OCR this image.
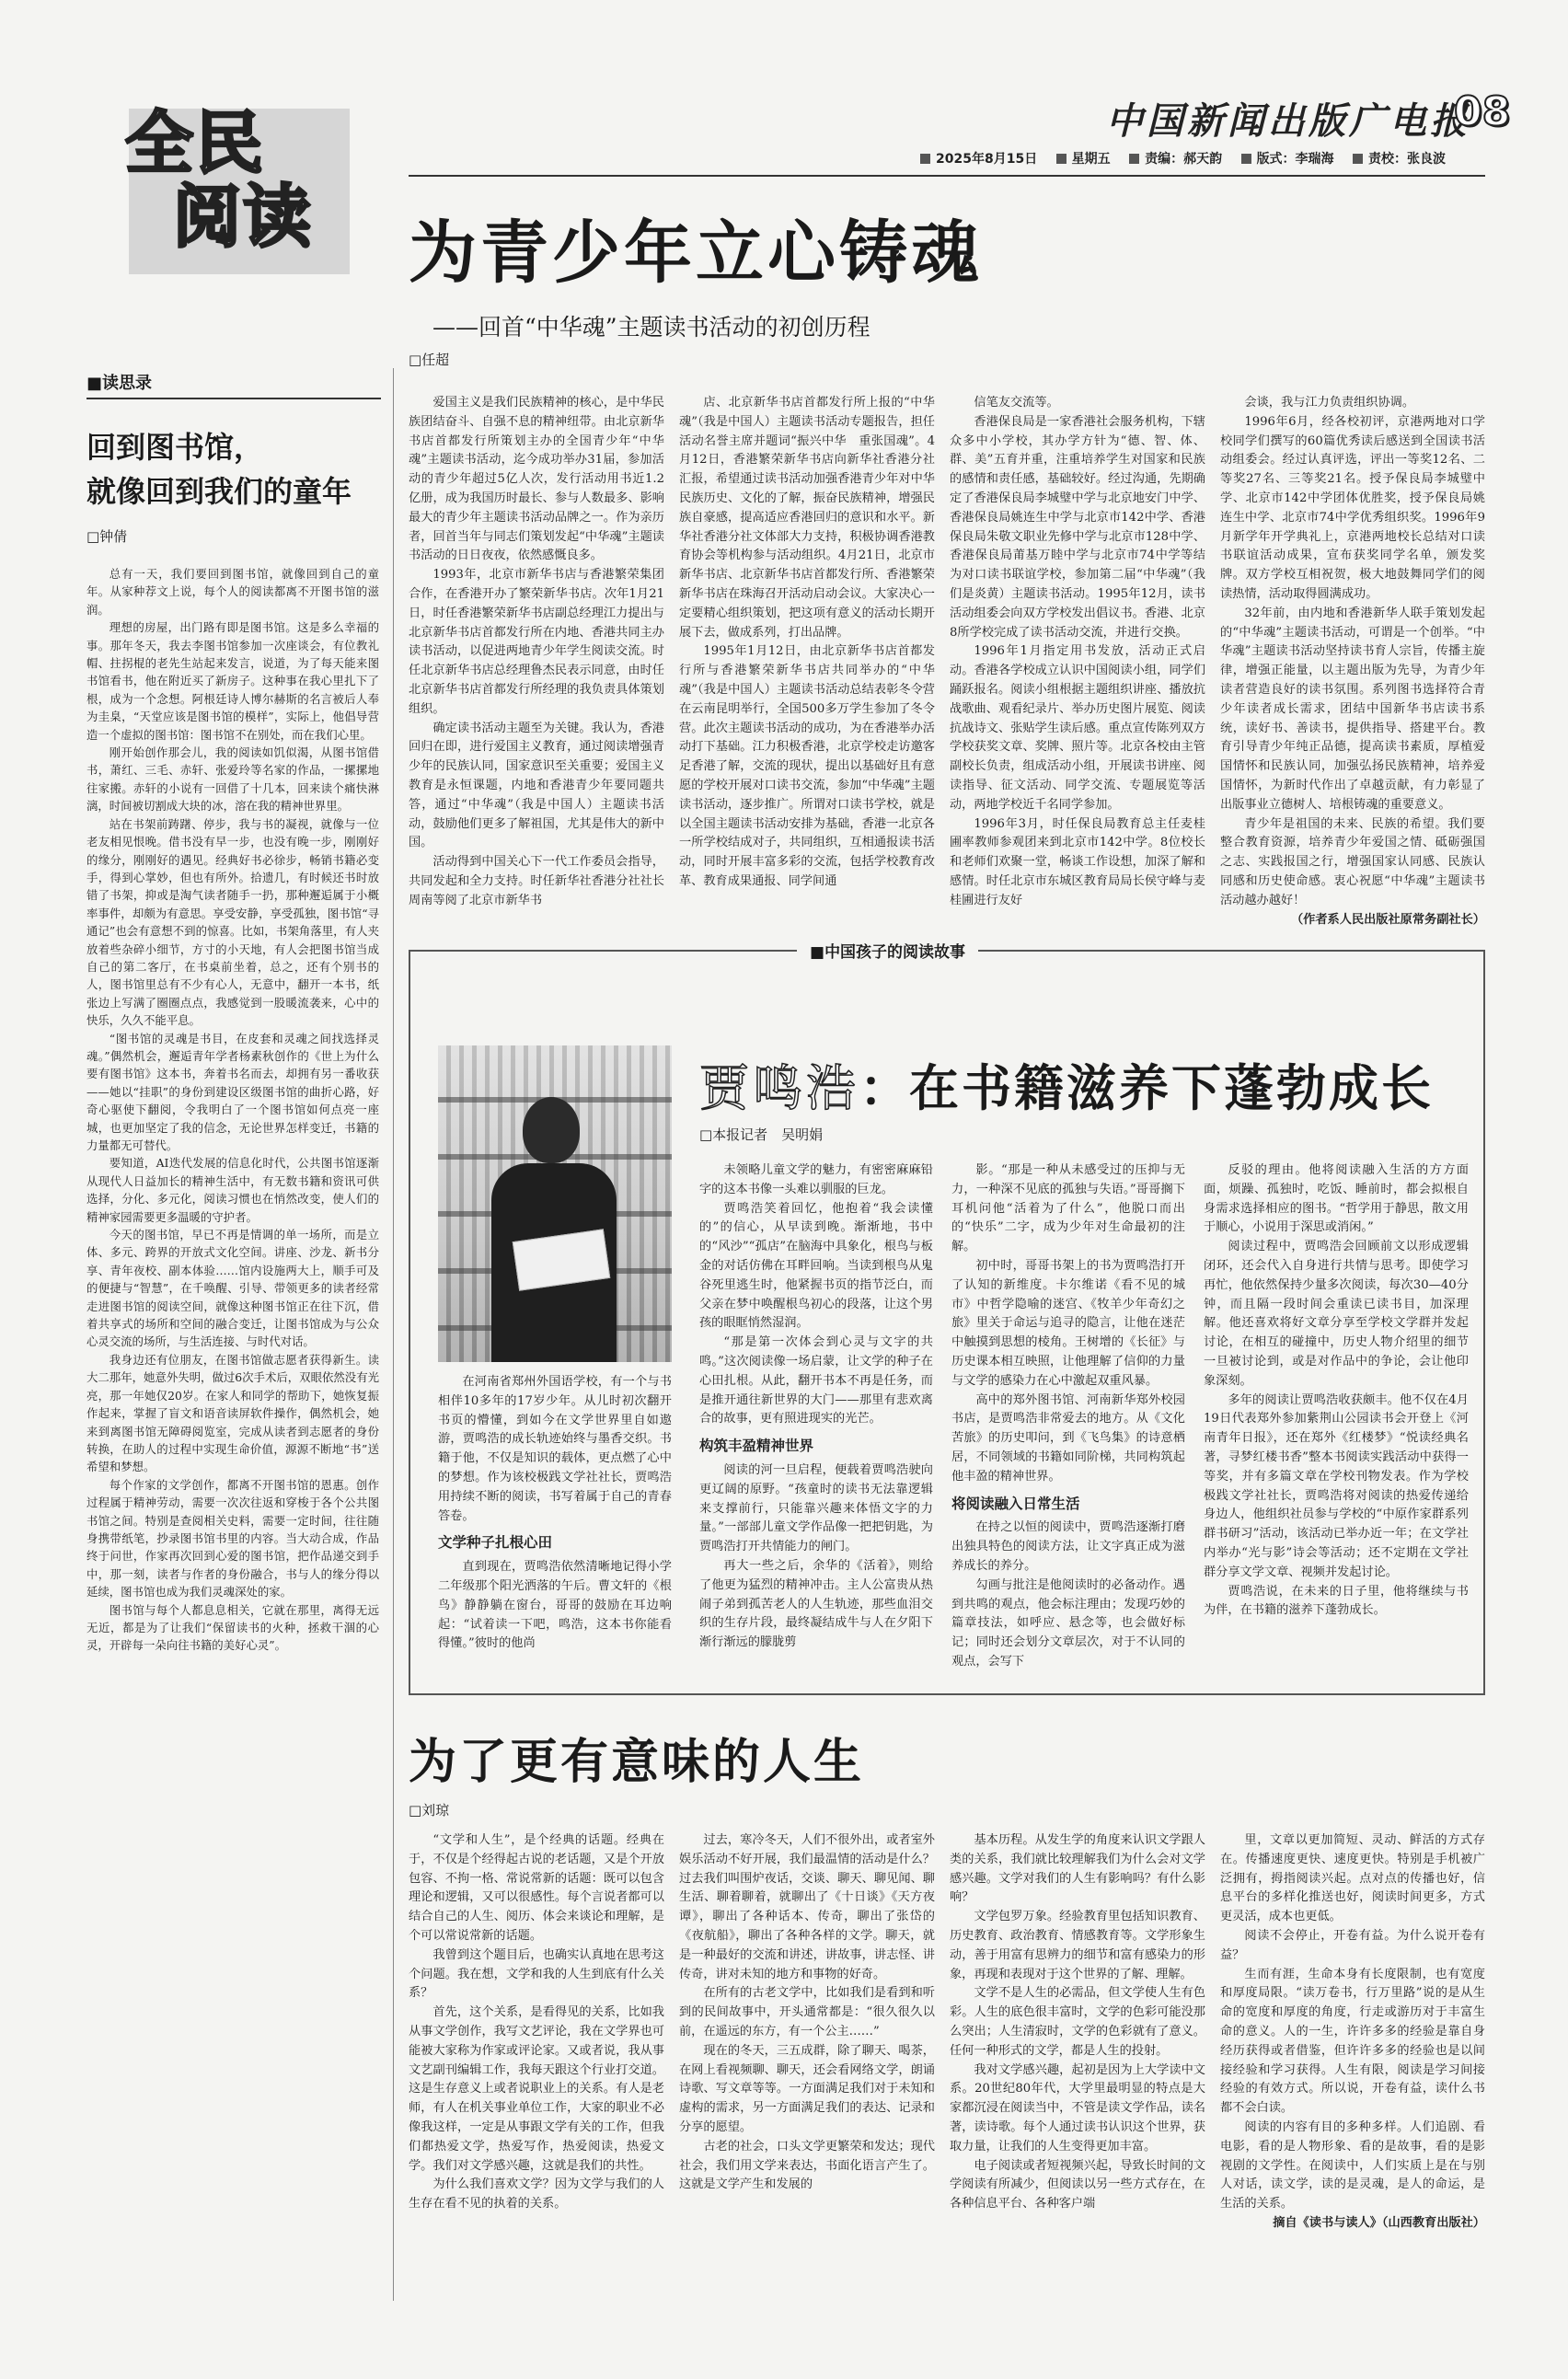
中国新闻出版广电报
08
2025年8月15日	星期五	责编：郝天韵	版式：李瑞海	责校：张良波
全民
阅读
■读思录
回到图书馆，
就像回到我们的童年
□钟倩

总有一天，我们要回到图书馆，就像回到自己的童年。从家种荐文上说，每个人的阅读都离不开图书馆的滋润。

理想的房屋，出门路有即是图书馆。这是多么幸福的事。那年冬天，我去李图书馆参加一次座谈会，有位教礼帽、拄拐棍的老先生站起来发言，说道，为了每天能来图书馆看书，他在附近买了新房子。这种事在我心里扎下了根，成为一个念想。阿根廷诗人博尔赫斯的名言被后人奉为圭臬，“天堂应该是图书馆的模样”，实际上，他倡导营造一个虚拟的图书馆：图书馆不在别处，而在我们心里。

刚开始创作那会儿，我的阅读如饥似渴，从图书馆借书，萧红、三毛、赤轩、张爱玲等名家的作品，一摞摞地往家搬。赤轩的小说有一回借了十几本，回来读个痛快淋漓，时间被切割成大块的冰，溶在我的精神世界里。

站在书架前踌躇、停步，我与书的凝视，就像与一位老友相见恨晚。借书没有早一步，也没有晚一步，刚刚好的缘分，刚刚好的遇见。经典好书必徐步，畅销书籍必变手，得到心掌妙，但也有所外。拾遗几，有时候还书时放错了书架，抑或是淘气读者随手一扔，那种邂逅属于小概率事件，却颇为有意思。享受安静，享受孤独，图书馆“寻通记”也会有意想不到的惊喜。比如，书架角落里，有人夹放着些杂碎小细节，方寸的小天地，有人会把图书馆当成自己的第二客厅，在书桌前坐着，总之，还有个别书的人，图书馆里总有不少有心人，无意中，翻开一本书，纸张边上写满了圈圈点点，我感觉到一股暖流袭来，心中的快乐，久久不能平息。

“图书馆的灵魂是书目，在皮套和灵魂之间找选择灵魂。”偶然机会，邂逅青年学者杨素秋创作的《世上为什么要有图书馆》这本书，奔着书名而去，却拥有另一番收获——她以“挂职”的身份到建设区级图书馆的曲折心路，好奇心驱使下翻阅，令我明白了一个图书馆如何点亮一座城，也更加坚定了我的信念，无论世界怎样变迁，书籍的力量都无可替代。

要知道，AI迭代发展的信息化时代，公共图书馆逐渐从现代人日益加长的精神生活中，有无数书籍和资讯可供选择，分化、多元化，阅读习惯也在悄然改变，使人们的精神家园需要更多温暖的守护者。

今天的图书馆，早已不再是情调的单一场所，而是立体、多元、跨界的开放式文化空间。讲座、沙龙、新书分享、青年夜校、副本体验……馆内设施两大上，顺手可及的便捷与“智慧”，在千唤醒、引导、带领更多的读者经常走进图书馆的阅读空间，就像这种图书馆正在往下沉，借着共享式的场所和空间的融合变迁，让图书馆成为与公众心灵交流的场所，与生活连接、与时代对话。

我身边还有位朋友，在图书馆做志愿者获得新生。读大二那年，她意外失明，做过6次手术后，双眼依然没有光亮，那一年她仅20岁。在家人和同学的帮助下，她恢复振作起来，掌握了盲文和语音读屏软件操作，偶然机会，她来到离图书馆无障碍阅览室，完成从读者到志愿者的身份转换，在助人的过程中实现生命价值，源源不断地“书”送希望和梦想。

每个作家的文学创作，都离不开图书馆的恩惠。创作过程属于精神劳动，需要一次次往返和穿梭于各个公共图书馆之间。特别是查阅相关史料，需要一定时间，往往随身携带纸笔，抄录图书馆书里的内容。当大动合成，作品终于问世，作家再次回到心爱的图书馆，把作品递交到手中，那一刻，读者与作者的身份融合，书与人的缘分得以延续，图书馆也成为我们灵魂深处的家。

图书馆与每个人都息息相关，它就在那里，离得无远无近，都是为了让我们“保留读书的火种，拯救干涸的心灵，开辟每一朵向往书籍的美好心灵”。

为青少年立心铸魂
——回首“中华魂”主题读书活动的初创历程
□任超

爱国主义是我们民族精神的核心，是中华民族团结奋斗、自强不息的精神纽带。由北京新华书店首都发行所策划主办的全国青少年“中华魂”主题读书活动，迄今成功举办31届，参加活动的青少年超过5亿人次，发行活动用书近1.2亿册，成为我国历时最长、参与人数最多、影响最大的青少年主题读书活动品牌之一。作为亲历者，回首当年与同志们策划发起“中华魂”主题读书活动的日日夜夜，依然感慨良多。

1993年，北京市新华书店与香港繁荣集团合作，在香港开办了繁荣新华书店。次年1月21日，时任香港繁荣新华书店副总经理江力提出与北京新华书店首都发行所在内地、香港共同主办读书活动，以促进两地青少年学生阅读交流。时任北京新华书店总经理鲁杰民表示同意，由时任北京新华书店首都发行所经理的我负责具体策划组织。

确定读书活动主题至为关键。我认为，香港回归在即，进行爱国主义教育，通过阅读增强青少年的民族认同，国家意识至关重要；爱国主义教育是永恒课题，内地和香港青少年要同题共答，通过“中华魂”（我是中国人）主题读书活动，鼓励他们更多了解祖国，尤其是伟大的新中国。

活动得到中国关心下一代工作委员会指导，共同发起和全力支持。时任新华社香港分社社长周南等阅了北京市新华书

店、北京新华书店首都发行所上报的“中华魂”（我是中国人）主题读书活动专题报告，担任活动名誉主席并题词“振兴中华　重张国魂”。4月12日，香港繁荣新华书店向新华社香港分社汇报，希望通过读书活动加强香港青少年对中华民族历史、文化的了解，振奋民族精神，增强民族自豪感，提高适应香港回归的意识和水平。新华社香港分社文体部大力支持，积极协调香港教育协会等机构参与活动组织。4月21日，北京市新华书店、北京新华书店首都发行所、香港繁荣新华书店在珠海召开活动启动会议。大家决心一定要精心组织策划，把这项有意义的活动长期开展下去，做成系列，打出品牌。

1995年1月12日，由北京新华书店首都发行所与香港繁荣新华书店共同举办的“中华魂”（我是中国人）主题读书活动总结表彰冬令营在云南昆明举行，全国500多万学生参加了冬令营。此次主题读书活动的成功，为在香港举办活动打下基础。江力积极香港，北京学校走访邀客足香港了解，交流的现状，提出以基础好且有意愿的学校开展对口读书交流，参加“中华魂”主题读书活动，逐步推广。所谓对口读书学校，就是以全国主题读书活动安排为基础，香港一北京各一所学校结成对子，共同组织，互相通报读书活动，同时开展丰富多彩的交流，包括学校教育改革、教育成果通报、同学间通

信笔友交流等。

香港保良局是一家香港社会服务机构，下辖众多中小学校，其办学方针为“德、智、体、群、美”五育并重，注重培养学生对国家和民族的感情和责任感，基础较好。经过沟通，先期确定了香港保良局李城璧中学与北京地安门中学、香港保良局姚连生中学与北京市142中学、香港保良局朱敬文职业先修中学与北京市128中学、香港保良局莆基万睦中学与北京市74中学等结为对口读书联谊学校，参加第二届“中华魂”（我们是炎黄）主题读书活动。1995年12月，读书活动组委会向双方学校发出倡议书。香港、北京8所学校完成了读书活动交流，并进行交换。

1996年1月指定用书发放，活动正式启动。香港各学校成立认识中国阅读小组，同学们踊跃报名。阅读小组根据主题组织讲座、播放抗战歌曲、观看纪录片、举办历史图片展览、阅读抗战诗文、张贴学生读后感。重点宣传陈列双方学校获奖文章、奖牌、照片等。北京各校由主管副校长负责，组成活动小组，开展读书讲座、阅读指导、征文活动、同学交流、专题展览等活动，两地学校近千名同学参加。

1996年3月，时任保良局教育总主任麦桂圃率教师参观团来到北京市142中学。8位校长和老师们欢聚一堂，畅谈工作设想，加深了解和感情。时任北京市东城区教育局局长侯守峰与麦桂圃进行友好

会谈，我与江力负责组织协调。

1996年6月，经各校初评，京港两地对口学校同学们撰写的60篇优秀读后感送到全国读书活动组委会。经过认真评选，评出一等奖12名、二等奖27名、三等奖21名。授予保良局李城璧中学、北京市142中学团体优胜奖，授予保良局姚连生中学、北京市74中学优秀组织奖。1996年9月新学年开学典礼上，京港两地校长总结对口读书联谊活动成果，宣布获奖同学名单，颁发奖牌。双方学校互相祝贺，极大地鼓舞同学们的阅读热情，活动取得圆满成功。

32年前，由内地和香港新华人联手策划发起的“中华魂”主题读书活动，可谓是一个创举。“中华魂”主题读书活动坚持读书育人宗旨，传播主旋律，增强正能量，以主题出版为先导，为青少年读者营造良好的读书氛围。系列图书选择符合青少年读者成长需求，团结中国新华书店读书系统，读好书、善读书，提供指导、搭建平台。教育引导青少年纯正品德，提高读书素质，厚植爱国情怀和民族认同，加强弘扬民族精神，培养爱国情怀，为新时代作出了卓越贡献，有力彰显了出版事业立德树人、培根铸魂的重要意义。

青少年是祖国的未来、民族的希望。我们要整合教育资源，培养青少年爱国之情、砥砺强国之志、实践报国之行，增强国家认同感、民族认同感和历史使命感。衷心祝愿“中华魂”主题读书活动越办越好！

（作者系人民出版社原常务副社长）

■中国孩子的阅读故事
贾鸣浩：在书籍滋养下蓬勃成长
□本报记者　吴明娟

在河南省郑州外国语学校，有一个与书相伴10多年的17岁少年。从儿时初次翻开书页的懵懂，到如今在文学世界里自如遨游，贾鸣浩的成长轨迹始终与墨香交织。书籍于他，不仅是知识的载体，更点燃了心中的梦想。作为该校极践文学社社长，贾鸣浩用持续不断的阅读，书写着属于自己的青春答卷。

文学种子扎根心田

直到现在，贾鸣浩依然清晰地记得小学二年级那个阳光洒落的午后。曹文轩的《根鸟》静静躺在窗台，哥哥的鼓励在耳边响起：“试着读一下吧，鸣浩，这本书你能看得懂。”彼时的他尚

未领略儿童文学的魅力，有密密麻麻铅字的这本书像一头难以驯服的巨龙。

贾鸣浩笑着回忆，他抱着“我会读懂的”的信心，从早读到晚。渐渐地，书中的“风沙”“孤店”在脑海中具象化，根鸟与板金的对话仿佛在耳畔回响。当读到根鸟从鬼谷死里逃生时，他紧握书页的指节泛白，而父亲在梦中唤醒根鸟初心的段落，让这个男孩的眼眶悄然湿润。

“那是第一次体会到心灵与文字的共鸣。”这次阅读像一场启蒙，让文学的种子在心田扎根。从此，翻开书本不再是任务，而是推开通往新世界的大门——那里有悲欢离合的故事，更有照进现实的光芒。

构筑丰盈精神世界

阅读的河一旦启程，便载着贾鸣浩驶向更辽阔的原野。“孩童时的读书无法靠逻辑来支撑前行，只能靠兴趣来体悟文字的力量。”一部部儿童文学作品像一把把钥匙，为贾鸣浩打开共情能力的闸门。

再大一些之后，余华的《活着》，则给了他更为猛烈的精神冲击。主人公富贵从热闹子弟到孤苦老人的人生轨迹，那些血泪交织的生存片段，最终凝结成牛与人在夕阳下渐行渐远的朦胧剪

影。“那是一种从未感受过的压抑与无力，一种深不见底的孤独与失语。”哥哥搁下耳机问他“活着为了什么”，他脱口而出的“快乐”二字，成为少年对生命最初的注解。

初中时，哥哥书架上的书为贾鸣浩打开了认知的新维度。卡尔维诺《看不见的城市》中哲学隐喻的迷宫、《牧羊少年奇幻之旅》里关于命运与追寻的隐言，让他在迷茫中触摸到思想的棱角。王树增的《长征》与历史课本相互映照，让他理解了信仰的力量与文学的感染力在心中激起双重风暴。

高中的郑外图书馆、河南新华郑外校园书店，是贾鸣浩非常爱去的地方。从《文化苦旅》的历史叩问，到《飞鸟集》的诗意栖居，不同领域的书籍如同阶梯，共同构筑起他丰盈的精神世界。

将阅读融入日常生活

在持之以恒的阅读中，贾鸣浩逐渐打磨出独具特色的阅读方法，让文字真正成为滋养成长的养分。

勾画与批注是他阅读时的必备动作。遇到共鸣的观点，他会标注理由；发现巧妙的篇章技法，如呼应、悬念等，也会做好标记；同时还会划分文章层次，对于不认同的观点，会写下

反驳的理由。他将阅读融入生活的方方面面，烦躁、孤独时，吃饭、睡前时，都会拟根自身需求选择相应的图书。“哲学用于静思，散文用于顺心，小说用于深思或消闲。”

阅读过程中，贾鸣浩会回顾前文以形成逻辑闭环，还会代入自身进行共情与思考。即使学习再忙，他依然保持少量多次阅读，每次30—40分钟，而且隔一段时间会重读已读书目，加深理解。他还喜欢将好文章分享至学校文学群并发起讨论，在相互的碰撞中，历史人物介绍里的细节一旦被讨论到，或是对作品中的争论，会让他印象深刻。

多年的阅读让贾鸣浩收获颇丰。他不仅在4月19日代表郑外参加紫荆山公园读书会开登上《河南青年日报》，还在郑外《红楼梦》“悦读经典名著，寻梦红楼书香”整本书阅读实践活动中获得一等奖，并有多篇文章在学校刊物发表。作为学校极践文学社社长，贾鸣浩将对阅读的热爱传递给身边人，他组织社员参与学校的“中原作家群系列群书研习”活动，该活动已举办近一年；在文学社内举办“光与影”诗会等活动；还不定期在文学社群分享文学文章、视频并发起讨论。

贾鸣浩说，在未来的日子里，他将继续与书为伴，在书籍的滋养下蓬勃成长。

为了更有意味的人生
□刘琼

“文学和人生”，是个经典的话题。经典在于，不仅是个经得起古说的老话题，又是个开放包容、不拘一格、常说常新的话题：既可以包含理论和逻辑，又可以很感性。每个言说者都可以结合自己的人生、阅历、体会来谈论和理解，是个可以常说常新的话题。

我曾到这个题目后，也确实认真地在思考这个问题。我在想，文学和我的人生到底有什么关系？

首先，这个关系，是看得见的关系，比如我从事文学创作，我写文艺评论，我在文学界也可能被大家称为作家或评论家。又或者说，我从事文艺副刊编辑工作，我每天跟这个行业打交道。这是生存意义上或者说职业上的关系。有人是老师，有人在机关事业单位工作，大家的职业不必像我这样，一定是从事跟文学有关的工作，但我们都热爱文学，热爱写作，热爱阅读，热爱文学。我们对文学感兴趣，这就是我们的共性。

为什么我们喜欢文学？因为文学与我们的人生存在看不见的执着的关系。

过去，寒冷冬天，人们不很外出，或者室外娱乐活动不好开展，我们最温情的活动是什么？过去我们叫围炉夜话，交谈、聊天、聊见闻、聊生活、聊着聊着，就聊出了《十日谈》《天方夜谭》，聊出了各种话本、传奇，聊出了张岱的《夜航船》，聊出了各种各样的文学。聊天，就是一种最好的交流和讲述，讲故事，讲志怪、讲传奇，讲对未知的地方和事物的好奇。

在所有的古老文学中，比如我们是看到和听到的民间故事中，开头通常都是：“很久很久以前，在遥远的东方，有一个公主……”

现在的冬天，三五成群，除了聊天、喝茶，在网上看视频聊、聊天，还会看网络文学，朗诵诗歌、写文章等等。一方面满足我们对于未知和虚构的需求，另一方面满足我们的表达、记录和分享的愿望。

古老的社会，口头文学更繁荣和发达；现代社会，我们用文学来表达，书面化语言产生了。这就是文学产生和发展的

基本历程。从发生学的角度来认识文学跟人类的关系，我们就比较理解我们为什么会对文学感兴趣。文学对我们的人生有影响吗？有什么影响？

文学包罗万象。经验教育里包括知识教育、历史教育、政治教育、情感教育等。文学形象生动，善于用富有思辨力的细节和富有感染力的形象，再现和表现对于这个世界的了解、理解。

文学不是人生的必需品，但文学使人生有色彩。人生的底色很丰富时，文学的色彩可能没那么突出；人生清寂时，文学的色彩就有了意义。任何一种形式的文学，都是人生的投射。

我对文学感兴趣，起初是因为上大学读中文系。20世纪80年代，大学里最明显的特点是大家都沉浸在阅读当中，不管是读文学作品，读名著，读诗歌。每个人通过读书认识这个世界，获取力量，让我们的人生变得更加丰富。

电子阅读或者短视频兴起，导致长时间的文学阅读有所减少，但阅读以另一些方式存在，在各种信息平台、各种客户端

里，文章以更加简短、灵动、鲜活的方式存在。传播速度更快、速度更快。特别是手机被广泛拥有，拇指阅读兴起。点对点的传播也好，信息平台的多样化推送也好，阅读时间更多，方式更灵活，成本也更低。

阅读不会停止，开卷有益。为什么说开卷有益？

生而有涯，生命本身有长度限制，也有宽度和厚度局限。“读万卷书，行万里路”说的是从生命的宽度和厚度的角度，行走或游历对于丰富生命的意义。人的一生，许许多多的经验是靠自身经历获得或者借鉴，但许许多多的经验也是以间接经验和学习获得。人生有限，阅读是学习间接经验的有效方式。所以说，开卷有益，读什么书都不会白读。

阅读的内容有目的多种多样。人们追剧、看电影，看的是人物形象、看的是故事，看的是影视剧的文学性。在阅读中，人们实质上是在与别人对话，读文学，读的是灵魂，是人的命运，是生活的关系。

摘自《读书与读人》（山西教育出版社）
